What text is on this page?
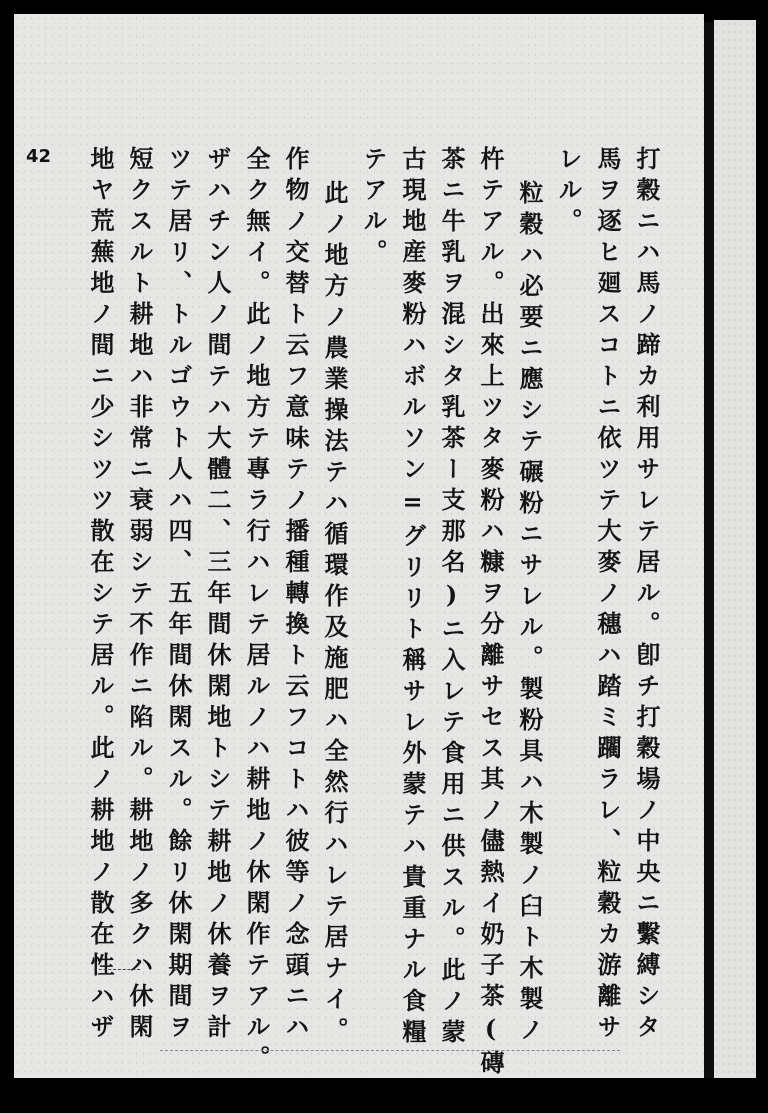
42	打穀ニハ馬ノ蹄カ利用サレテ居ル。卽チ打穀場ノ中央ニ繫縛シタ
馬ヲ逐ヒ廻スコトニ依ツテ大麥ノ穗ハ踏ミ躙ラレ、粒穀カ游離サ
レル。
粒穀ハ必要ニ應シテ碾粉ニサレル。製粉具ハ木製ノ臼ト木製ノ
杵テアル。出來上ツタ麥粉ハ糠ヲ分離サセス其ノ儘熱イ奶子茶(磚
茶ニ牛乳ヲ混シタ乳茶ー支那名)ニ入レテ食用ニ供スル。此ノ蒙
古現地産麥粉ハボルソン=グリリト稱サレ外蒙テハ貴重ナル食糧
テアル。
此ノ地方ノ農業操法テハ循環作及施肥ハ全然行ハレテ居ナイ。
作物ノ交替ト云フ意味テノ播種轉換ト云フコトハ彼等ノ念頭ニハ
全ク無イ。此ノ地方テ專ラ行ハレテ居ルノハ耕地ノ休閑作テアル。
ザハチン人ノ間テハ大體二、三年間休閑地トシテ耕地ノ休養ヲ計
ツテ居リ、トルゴウト人ハ四、五年間休閑スル。餘リ休閑期間ヲ
短クスルト耕地ハ非常ニ衰弱シテ不作ニ陷ル。耕地ノ多クハ休閑
地ヤ荒蕪地ノ間ニ少シツツ散在シテ居ル。此ノ耕地ノ散在性ハザ
